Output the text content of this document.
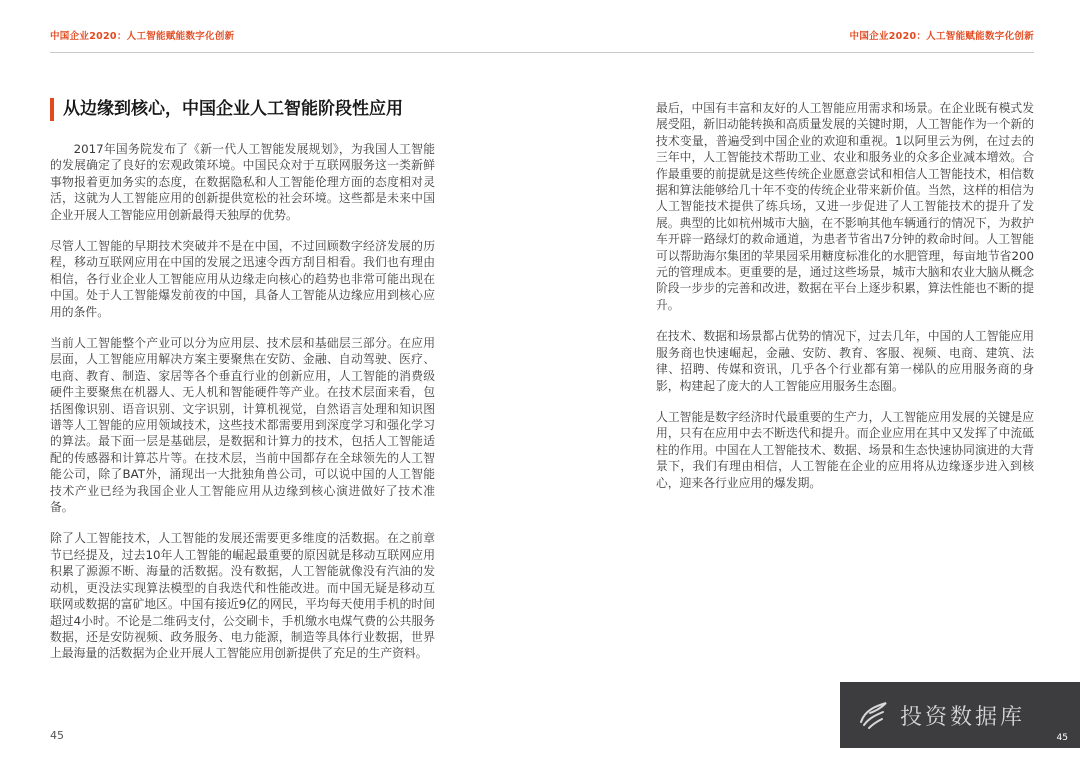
中国企业2020：人工智能赋能数字化创新	中国企业2020：人工智能赋能数字化创新
从边缘到核心，中国企业人工智能阶段性应用

2017年国务院发布了《新一代人工智能发展规划》，为我国人工智能的发展确定了良好的宏观政策环境。中国民众对于互联网服务这一类新鲜事物报着更加务实的态度，在数据隐私和人工智能伦理方面的态度相对灵活，这就为人工智能应用的创新提供宽松的社会环境。这些都是未来中国企业开展人工智能应用创新最得天独厚的优势。

尽管人工智能的早期技术突破并不是在中国，不过回顾数字经济发展的历程，移动互联网应用在中国的发展之迅速令西方刮目相看。我们也有理由相信，各行业企业人工智能应用从边缘走向核心的趋势也非常可能出现在中国。处于人工智能爆发前夜的中国，具备人工智能从边缘应用到核心应用的条件。

当前人工智能整个产业可以分为应用层、技术层和基础层三部分。在应用层面，人工智能应用解决方案主要聚焦在安防、金融、自动驾驶、医疗、电商、教育、制造、家居等各个垂直行业的创新应用，人工智能的消费级硬件主要聚焦在机器人、无人机和智能硬件等产业。在技术层面来看，包括图像识别、语音识别、文字识别，计算机视觉，自然语言处理和知识图谱等人工智能的应用领域技术，这些技术都需要用到深度学习和强化学习的算法。最下面一层是基础层，是数据和计算力的技术，包括人工智能适配的传感器和计算芯片等。在技术层，当前中国都存在全球领先的人工智能公司，除了BAT外，涌现出一大批独角兽公司，可以说中国的人工智能技术产业已经为我国企业人工智能应用从边缘到核心演进做好了技术准备。

除了人工智能技术，人工智能的发展还需要更多维度的活数据。在之前章节已经提及，过去10年人工智能的崛起最重要的原因就是移动互联网应用积累了源源不断、海量的活数据。没有数据，人工智能就像没有汽油的发动机，更没法实现算法模型的自我迭代和性能改进。而中国无疑是移动互联网或数据的富矿地区。中国有接近9亿的网民，平均每天使用手机的时间超过4小时。不论是二维码支付，公交刷卡，手机缴水电煤气费的公共服务数据，还是安防视频、政务服务、电力能源，制造等具体行业数据，世界上最海量的活数据为企业开展人工智能应用创新提供了充足的生产资料。

最后，中国有丰富和友好的人工智能应用需求和场景。在企业既有模式发展受阻，新旧动能转换和高质量发展的关键时期，人工智能作为一个新的技术变量，普遍受到中国企业的欢迎和重视。1以阿里云为例，在过去的三年中，人工智能技术帮助工业、农业和服务业的众多企业减本增效。合作最重要的前提就是这些传统企业愿意尝试和相信人工智能技术，相信数据和算法能够给几十年不变的传统企业带来新价值。当然，这样的相信为人工智能技术提供了练兵场，又进一步促进了人工智能技术的提升了发展。典型的比如杭州城市大脑，在不影响其他车辆通行的情况下，为救护车开辟一路绿灯的救命通道，为患者节省出7分钟的救命时间。人工智能可以帮助海尔集团的苹果园采用糖度标准化的水肥管理，每亩地节省200元的管理成本。更重要的是，通过这些场景，城市大脑和农业大脑从概念阶段一步步的完善和改进，数据在平台上逐步积累，算法性能也不断的提升。

在技术、数据和场景都占优势的情况下，过去几年，中国的人工智能应用服务商也快速崛起，金融、安防、教育、客服、视频、电商、建筑、法律、招聘、传媒和资讯，几乎各个行业都有第一梯队的应用服务商的身影，构建起了庞大的人工智能应用服务生态圈。

人工智能是数字经济时代最重要的生产力，人工智能应用发展的关键是应用，只有在应用中去不断迭代和提升。而企业应用在其中又发挥了中流砥柱的作用。中国在人工智能技术、数据、场景和生态快速协同演进的大背景下，我们有理由相信，人工智能在企业的应用将从边缘逐步进入到核心，迎来各行业应用的爆发期。

45
投资数据库
45
